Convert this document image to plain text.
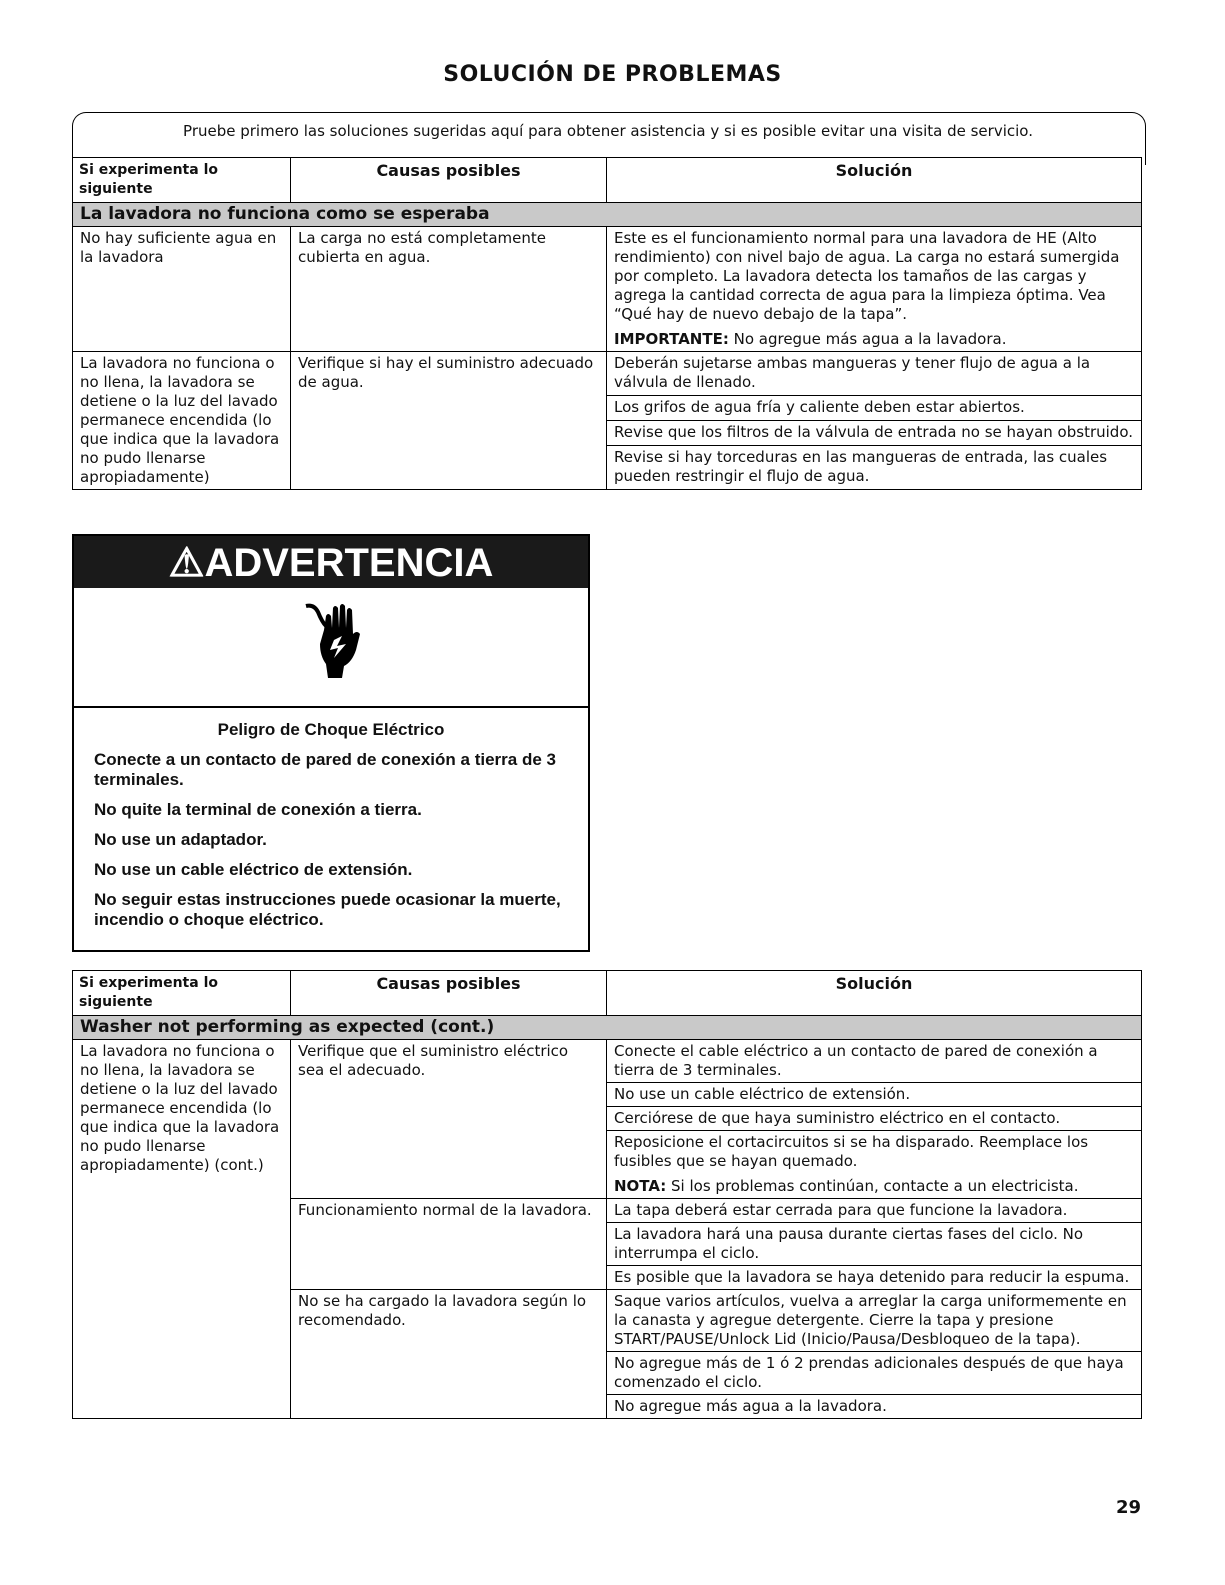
SOLUCIÓN DE PROBLEMAS
Pruebe primero las soluciones sugeridas aquí para obtener asistencia y si es posible evitar una visita de servicio.
Si experimenta lo siguiente	Causas posibles	Solución
La lavadora no funciona como se esperaba		
No hay suficiente agua en la lavadora	La carga no está completamente cubierta en agua.	Este es el funcionamiento normal para una lavadora de HE (Alto rendimiento) con nivel bajo de agua. La carga no estará sumergida por completo. La lavadora detecta los tamaños de las cargas y agrega la cantidad correcta de agua para la limpieza óptima. Vea “Qué hay de nuevo debajo de la tapa”.
IMPORTANTE: No agregue más agua a la lavadora.

La lavadora no funciona o no llena, la lavadora se detiene o la luz del lavado permanece encendida (lo que indica que la lavadora no pudo llenarse apropiadamente)	Verifique si hay el suministro adecuado de agua.	Deberán sujetarse ambas mangueras y tener flujo de agua a la válvula de llenado.
		Los grifos de agua fría y caliente deben estar abiertos.
		Revise que los filtros de la válvula de entrada no se hayan obstruido.
		Revise si hay torceduras en las mangueras de entrada, las cuales pueden restringir el flujo de agua.
⚠ADVERTENCIA
Peligro de Choque Eléctrico

Conecte a un contacto de pared de conexión a tierra de 3 terminales.

No quite la terminal de conexión a tierra.

No use un adaptador.

No use un cable eléctrico de extensión.

No seguir estas instrucciones puede ocasionar la muerte, incendio o choque eléctrico.

Si experimenta lo siguiente	Causas posibles	Solución
Washer not performing as expected (cont.)		
La lavadora no funciona o no llena, la lavadora se detiene o la luz del lavado permanece encendida (lo que indica que la lavadora no pudo llenarse apropiadamente) (cont.)	Verifique que el suministro eléctrico sea el adecuado.	Conecte el cable eléctrico a un contacto de pared de conexión a tierra de 3 terminales.
		No use un cable eléctrico de extensión.
		Cerciórese de que haya suministro eléctrico en el contacto.
		Reposicione el cortacircuitos si se ha disparado. Reemplace los fusibles que se hayan quemado.
NOTA: Si los problemas continúan, contacte a un electricista.

	Funcionamiento normal de la lavadora.	La tapa deberá estar cerrada para que funcione la lavadora.
		La lavadora hará una pausa durante ciertas fases del ciclo. No interrumpa el ciclo.
		Es posible que la lavadora se haya detenido para reducir la espuma.
	No se ha cargado la lavadora según lo recomendado.	Saque varios artículos, vuelva a arreglar la carga uniformemente en la canasta y agregue detergente. Cierre la tapa y presione START/PAUSE/Unlock Lid (Inicio/Pausa/Desbloqueo de la tapa).
		No agregue más de 1 ó 2 prendas adicionales después de que haya comenzado el ciclo.
		No agregue más agua a la lavadora.
29
